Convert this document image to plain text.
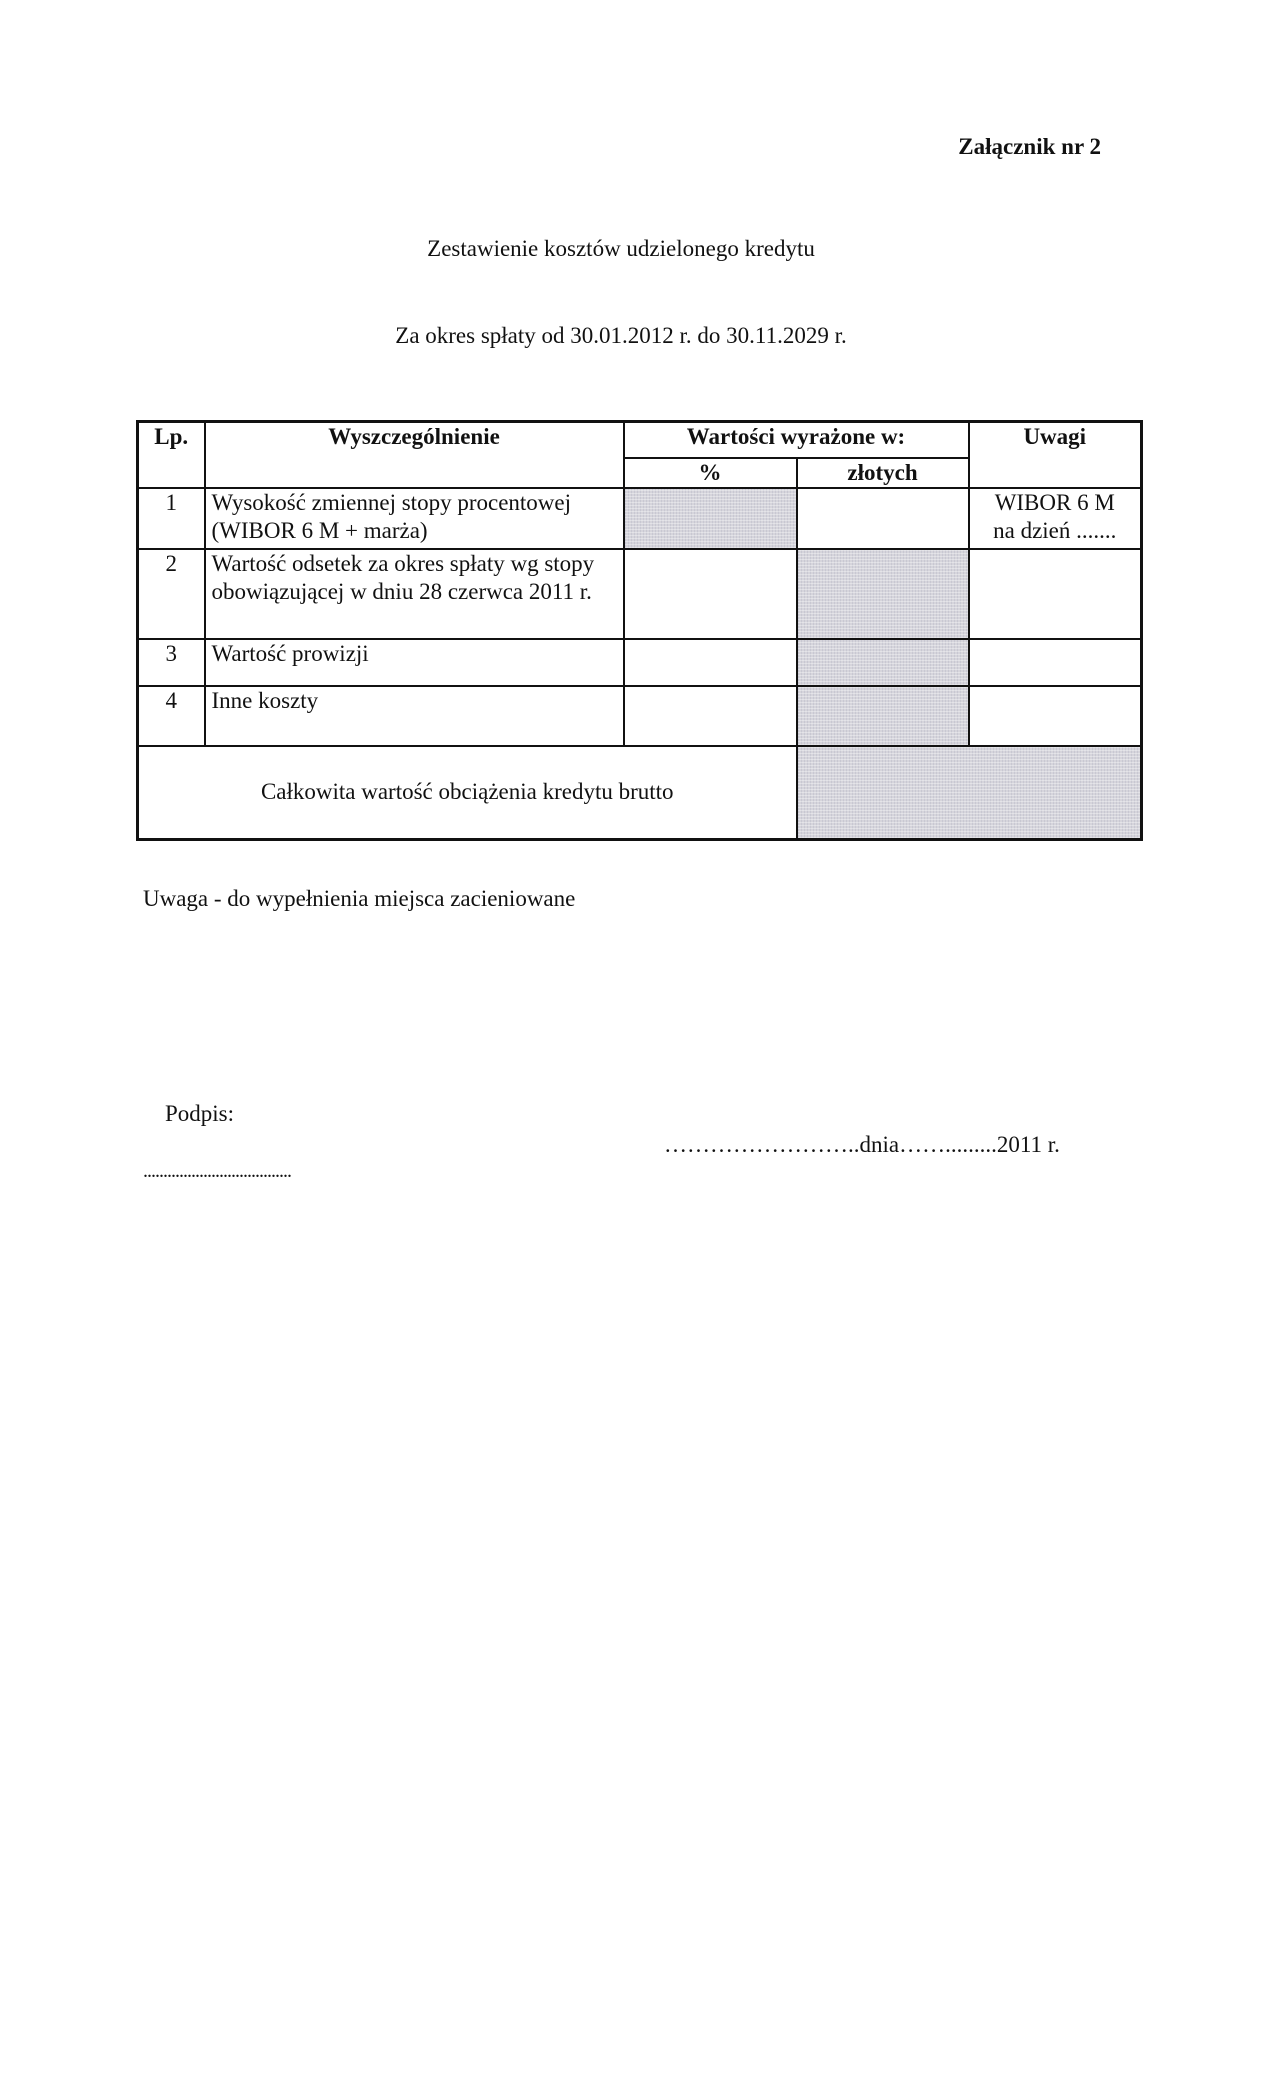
Załącznik nr 2
Zestawienie kosztów udzielonego kredytu
Za okres spłaty od 30.01.2012 r. do 30.11.2029 r.
Lp.	Wyszczególnienie	Wartości wyrażone w:		Uwagi
		%	złotych	
1	Wysokość zmiennej stopy procentowej (WIBOR 6 M + marża)			WIBOR 6 M
na dzień .......

2	Wartość odsetek za okres spłaty wg stopy obowiązującej w dniu 28 czerwca 2011 r.			
3	Wartość prowizji			
4	Inne koszty			
Całkowita wartość obciążenia kredytu brutto				
Uwaga - do wypełnienia miejsca zacieniowane
Podpis:
……………………..dnia…….........2011 r.
.....................................
